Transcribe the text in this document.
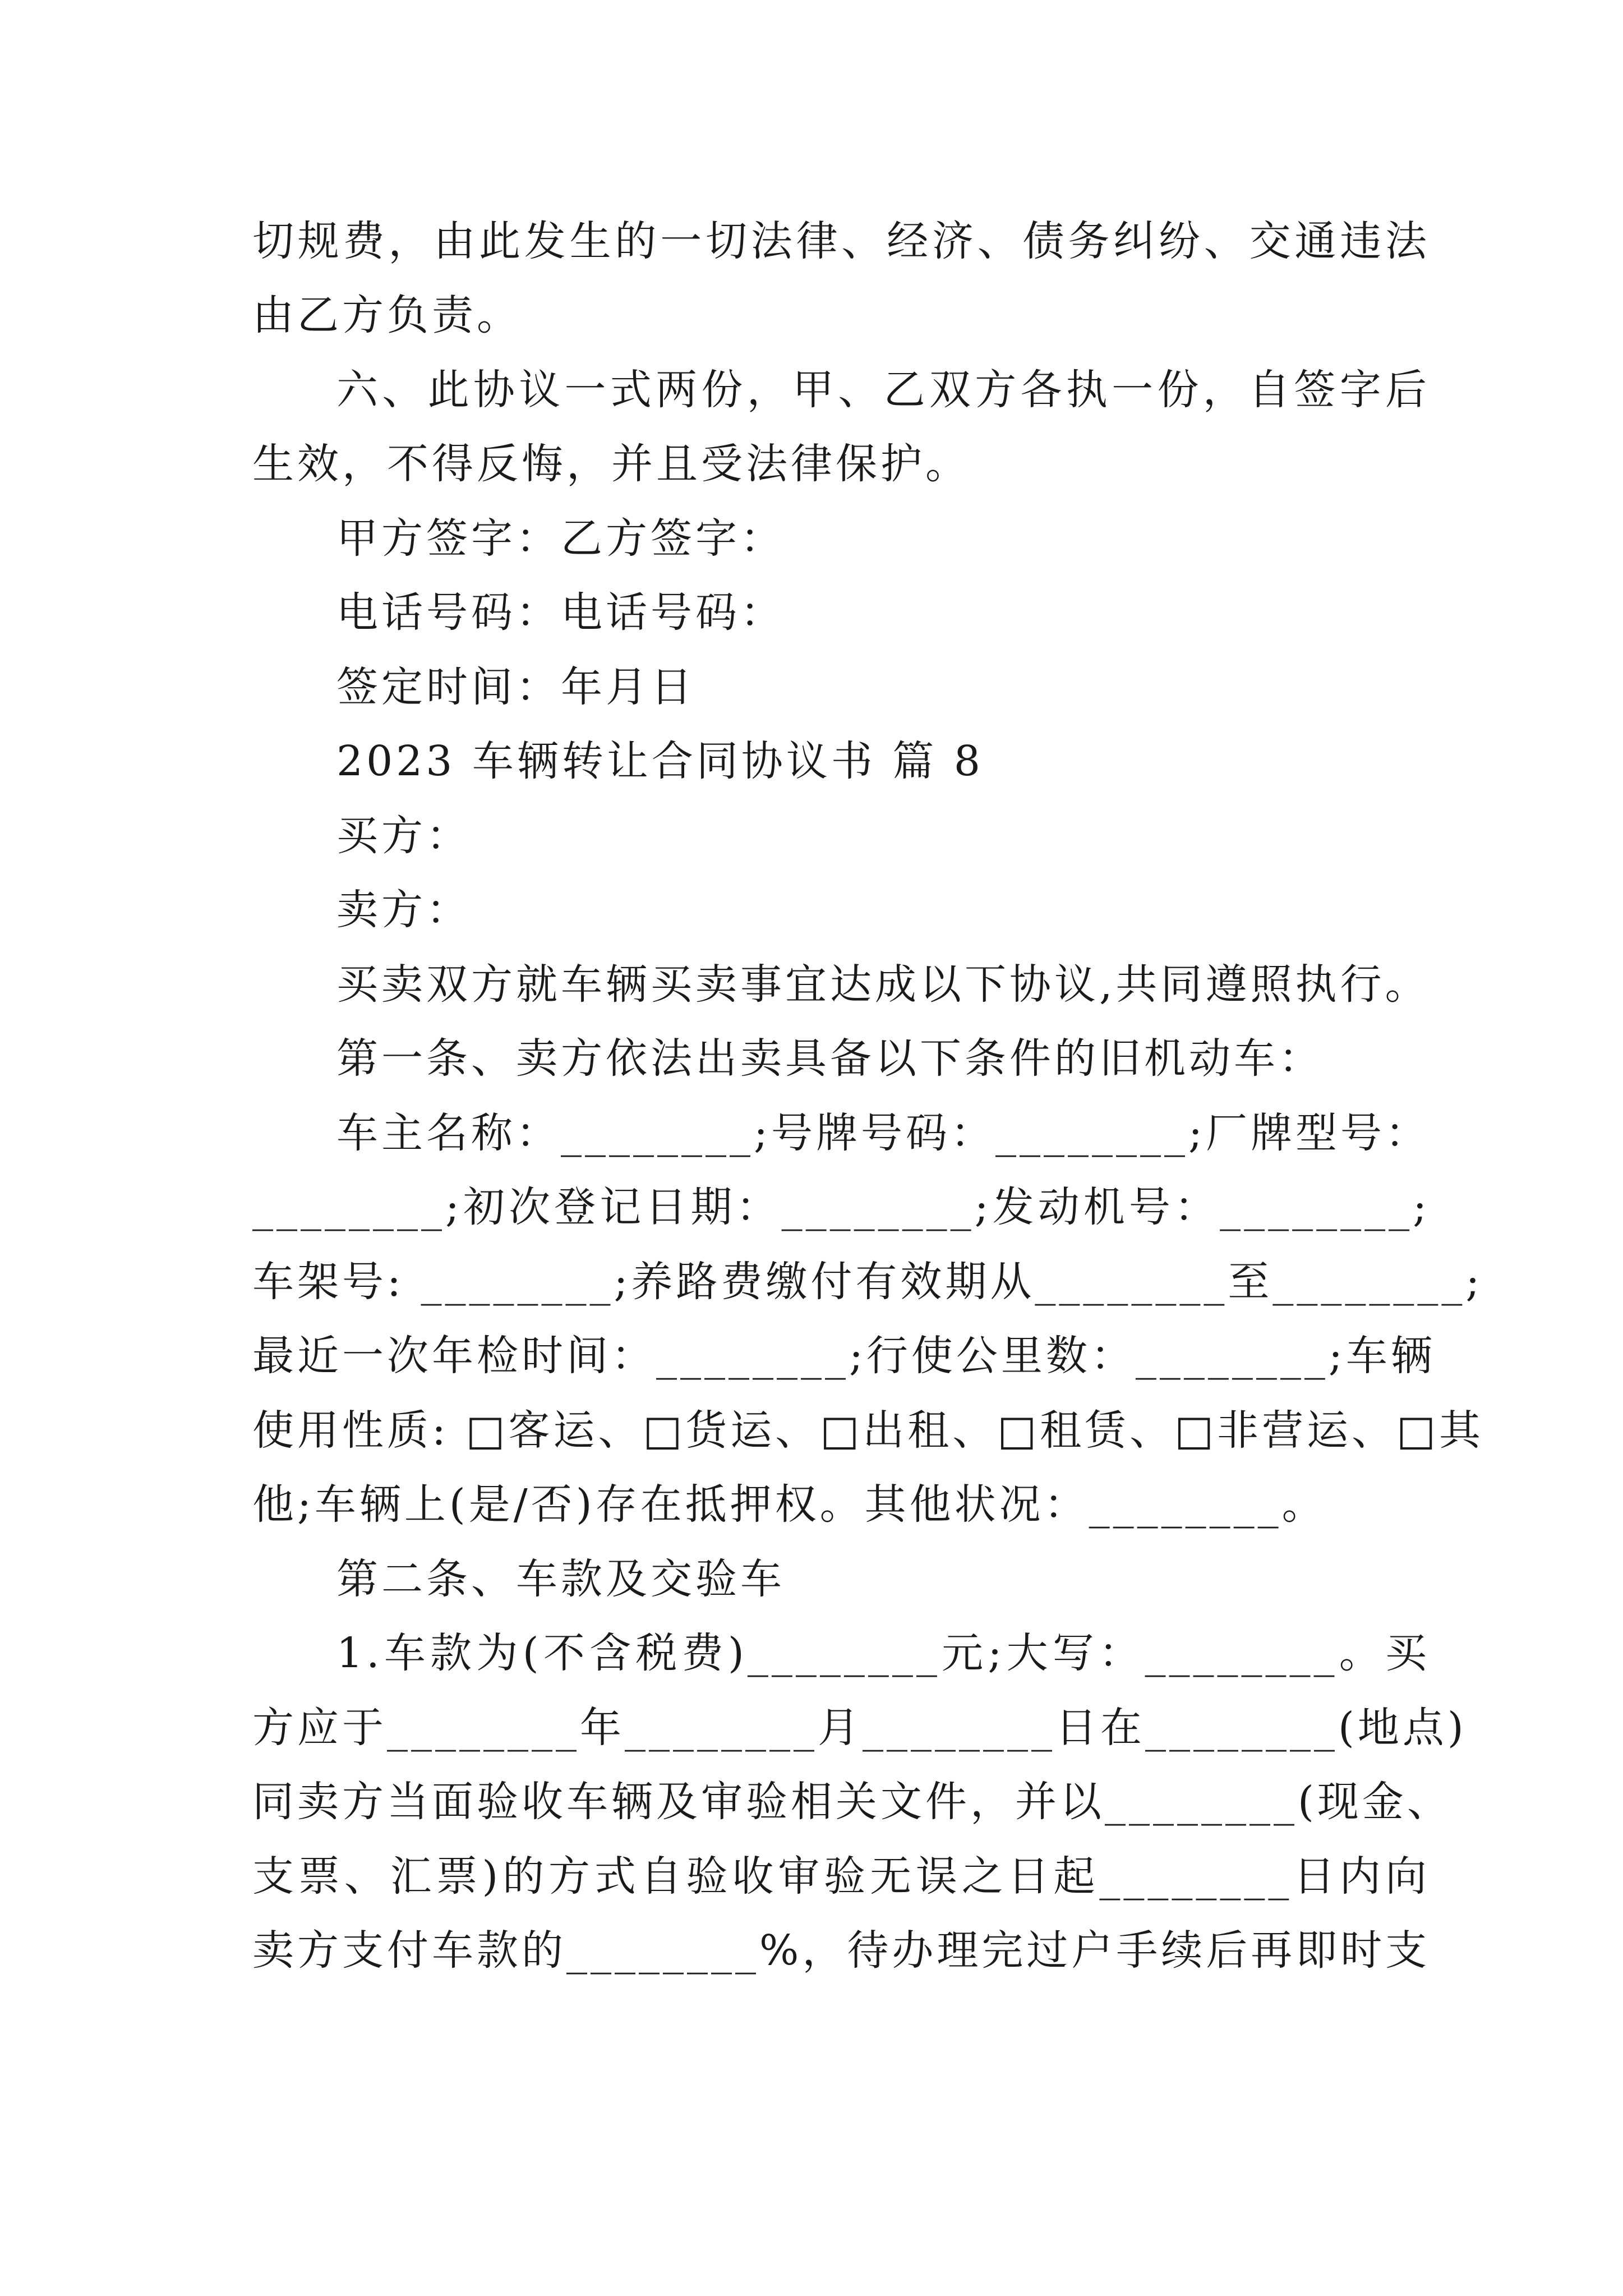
切规费，由此发生的一切法律、经济、债务纠纷、交通违法
由乙方负责。
六、此协议一式两份，甲、乙双方各执一份，自签字后
生效，不得反悔，并且受法律保护。
甲方签字：乙方签字：
电话号码：电话号码：
签定时间：年月日
2023 车辆转让合同协议书 篇 8
买方：
卖方：
买卖双方就车辆买卖事宜达成以下协议,共同遵照执行。
第一条、卖方依法出卖具备以下条件的旧机动车：
车主名称：________;号牌号码：________;厂牌型号：
________;初次登记日期：________;发动机号：________;
车架号: ________;养路费缴付有效期从________至________;
最近一次年检时间：________;行使公里数：________;车辆
使用性质: □客运、□货运、□出租、□租赁、□非营运、□其
他;车辆上(是/否)存在抵押权。其他状况：________。
第二条、车款及交验车
1.车款为(不含税费)________元;大写：________。买
方应于________年________月________日在________(地点)
同卖方当面验收车辆及审验相关文件，并以________(现金、
支票、汇票)的方式自验收审验无误之日起________日内向
卖方支付车款的________%，待办理完过户手续后再即时支
